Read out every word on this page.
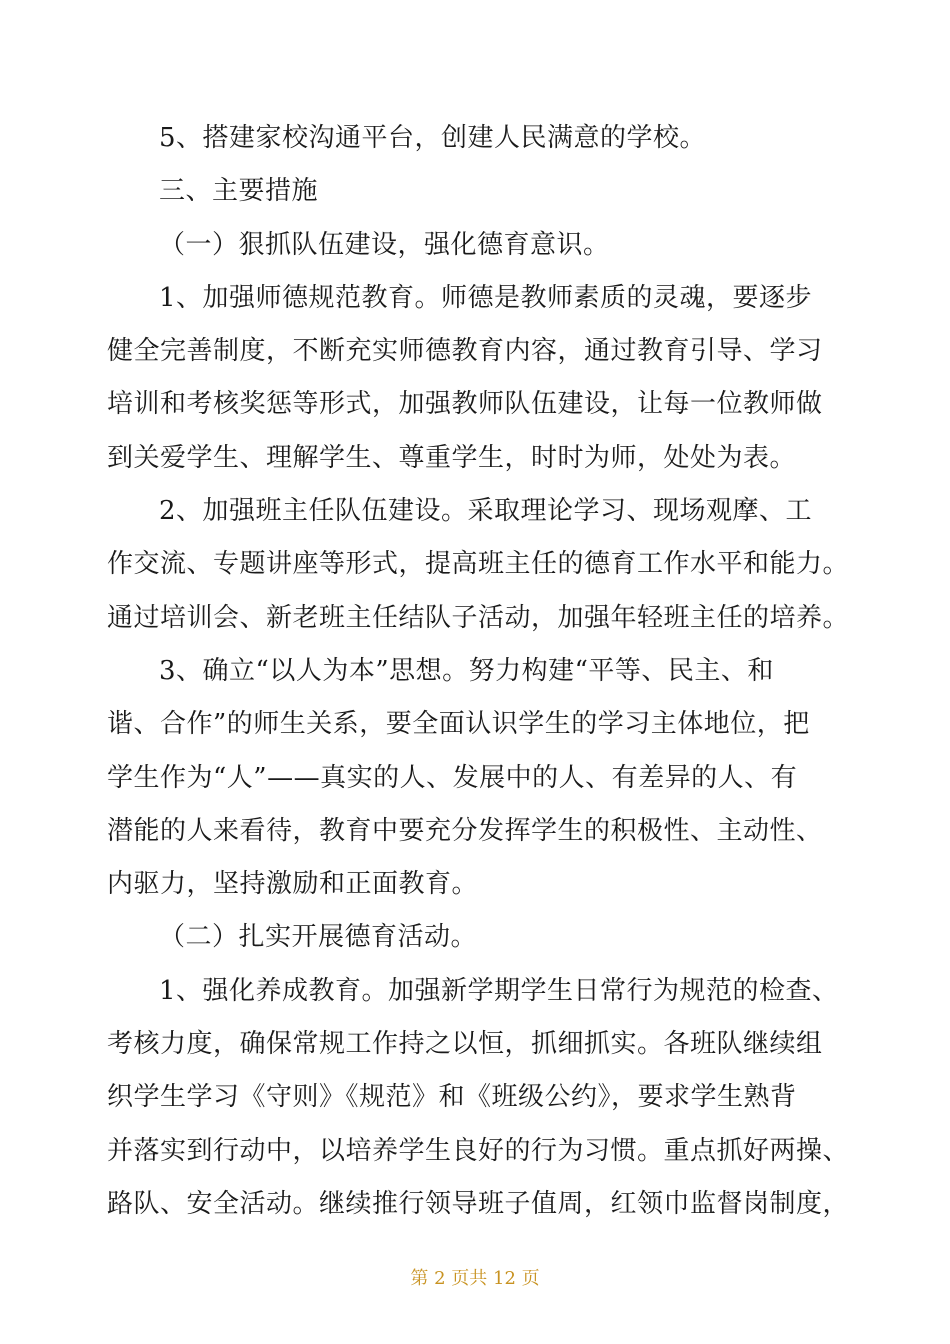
5、搭建家校沟通平台，创建人民满意的学校。
三、主要措施
（一）狠抓队伍建设，强化德育意识。
1、加强师德规范教育。师德是教师素质的灵魂，要逐步
健全完善制度，不断充实师德教育内容，通过教育引导、学习
培训和考核奖惩等形式，加强教师队伍建设，让每一位教师做
到关爱学生、理解学生、尊重学生，时时为师，处处为表。
2、加强班主任队伍建设。采取理论学习、现场观摩、工
作交流、专题讲座等形式，提高班主任的德育工作水平和能力。
通过培训会、新老班主任结队子活动，加强年轻班主任的培养。
3、确立“以人为本”思想。努力构建“平等、民主、和
谐、合作”的师生关系，要全面认识学生的学习主体地位，把
学生作为“人”——真实的人、发展中的人、有差异的人、有
潜能的人来看待，教育中要充分发挥学生的积极性、主动性、
内驱力，坚持激励和正面教育。
（二）扎实开展德育活动。
1、强化养成教育。加强新学期学生日常行为规范的检查、
考核力度，确保常规工作持之以恒，抓细抓实。各班队继续组
织学生学习《守则》《规范》和《班级公约》，要求学生熟背
并落实到行动中，以培养学生良好的行为习惯。重点抓好两操、
路队、安全活动。继续推行领导班子值周，红领巾监督岗制度，
第 2 页共 12 页
